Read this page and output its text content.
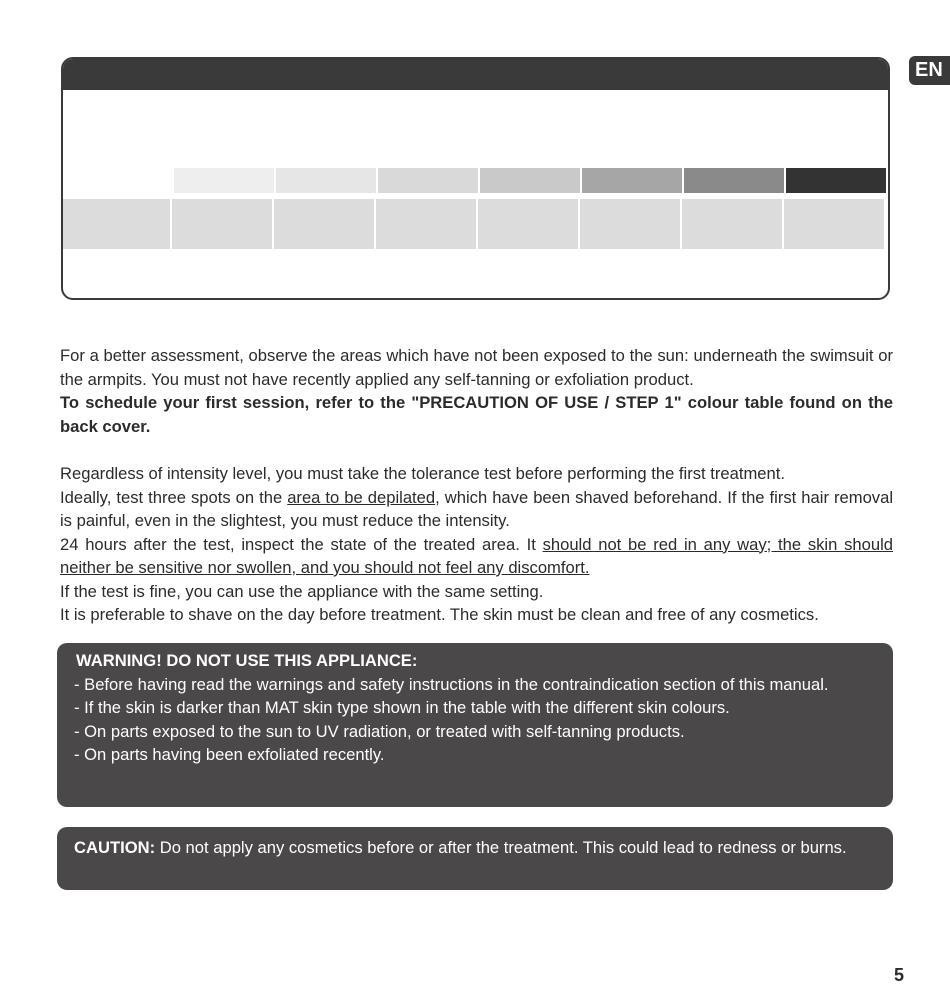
EN

For a better assessment, observe the areas which have not been exposed to the sun: underneath the swimsuit or the armpits. You must not have recently applied any self-tanning or exfoliation product.

To schedule your first session, refer to the "PRECAUTION OF USE / STEP 1" colour table found on the back cover.

Regardless of intensity level, you must take the tolerance test before performing the first treatment.

Ideally, test three spots on the area to be depilated, which have been shaved beforehand. If the first hair removal is painful, even in the slightest, you must reduce the intensity.

24 hours after the test, inspect the state of the treated area. It should not be red in any way; the skin should neither be sensitive nor swollen, and you should not feel any discomfort.

If the test is fine, you can use the appliance with the same setting.

It is preferable to shave on the day before treatment. The skin must be clean and free of any cosmetics.

WARNING! DO NOT USE THIS APPLIANCE:

- Before having read the warnings and safety instructions in the contraindication section of this manual.

- If the skin is darker than MAT skin type shown in the table with the different skin colours.

- On parts exposed to the sun to UV radiation, or treated with self-tanning products.

- On parts having been exfoliated recently.

CAUTION: Do not apply any cosmetics before or after the treatment. This could lead to redness or burns.
5
